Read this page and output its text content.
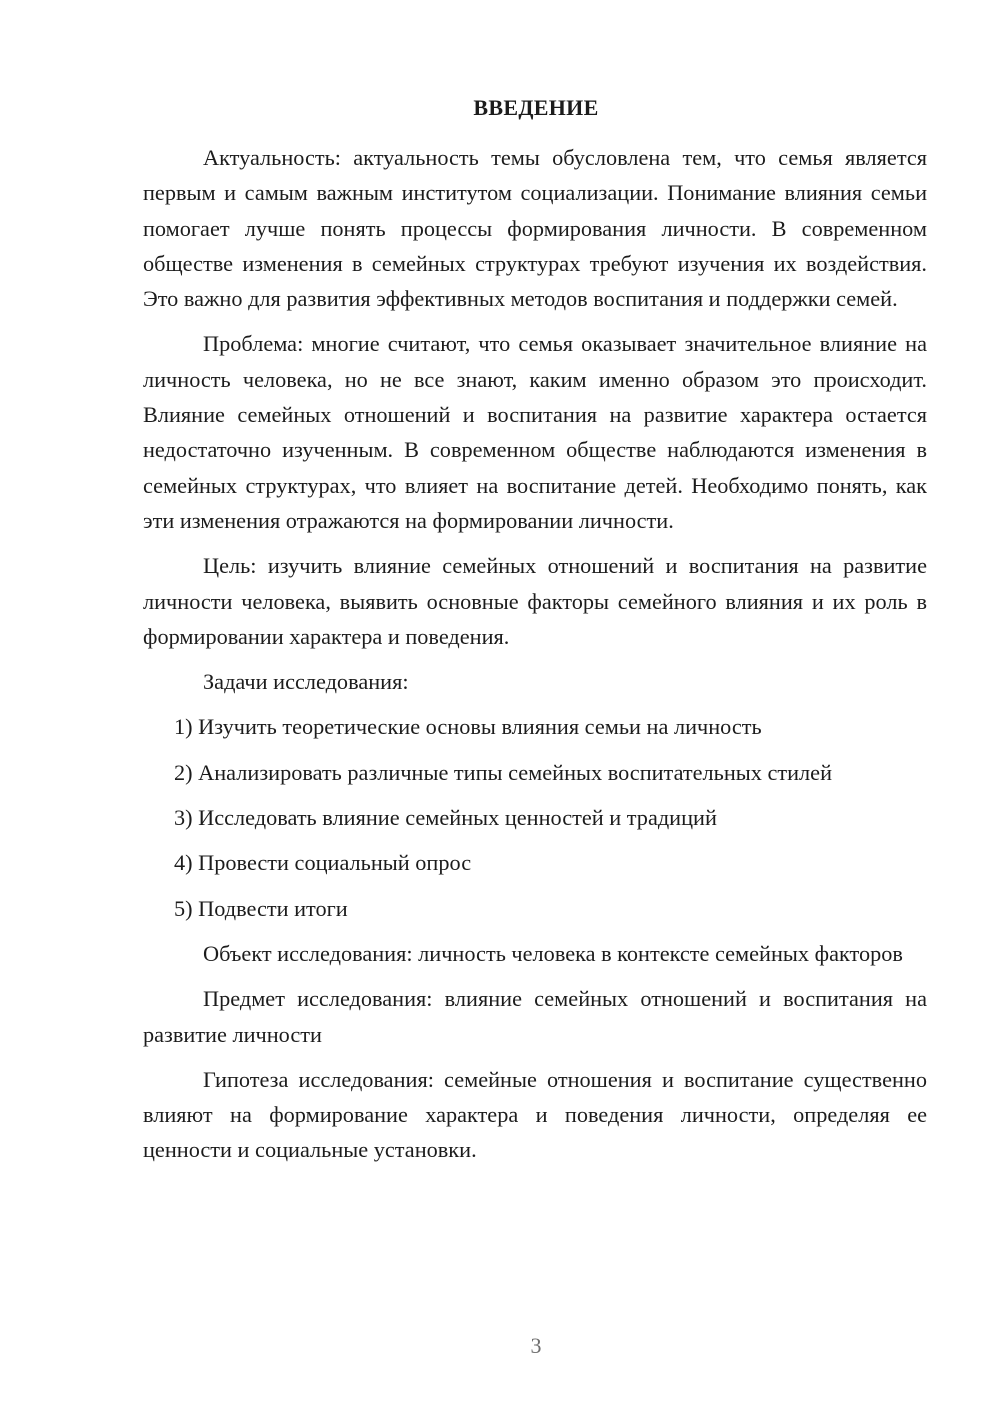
ВВЕДЕНИЕ

Актуальность: актуальность темы обусловлена тем, что семья является первым и самым важным институтом социализации. Понимание влияния семьи помогает лучше понять процессы формирования личности. В современном обществе изменения в семейных структурах требуют изучения их воздействия. Это важно для развития эффективных методов воспитания и поддержки семей.

Проблема: многие считают, что семья оказывает значительное влияние на личность человека, но не все знают, каким именно образом это происходит. Влияние семейных отношений и воспитания на развитие характера остается недостаточно изученным. В современном обществе наблюдаются изменения в семейных структурах, что влияет на воспитание детей. Необходимо понять, как эти изменения отражаются на формировании личности.

Цель: изучить влияние семейных отношений и воспитания на развитие личности человека, выявить основные факторы семейного влияния и их роль в формировании характера и поведения.

Задачи исследования:

1) Изучить теоретические основы влияния семьи на личность
2) Анализировать различные типы семейных воспитательных стилей
3) Исследовать влияние семейных ценностей и традиций
4) Провести социальный опрос
5) Подвести итоги

Объект исследования: личность человека в контексте семейных факторов

Предмет исследования: влияние семейных отношений и воспитания на развитие личности

Гипотеза исследования: семейные отношения и воспитание существенно влияют на формирование характера и поведения личности, определяя ее ценности и социальные установки.

3
